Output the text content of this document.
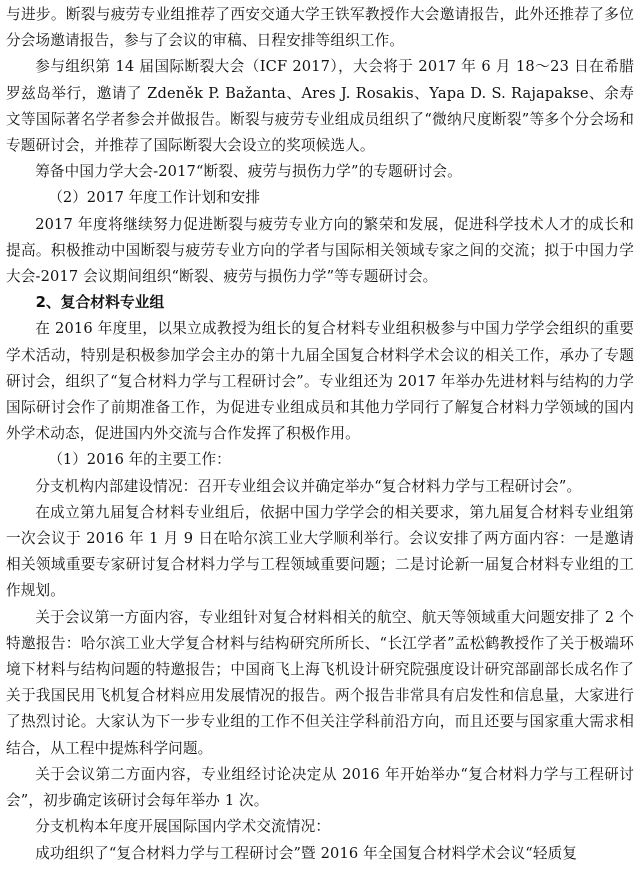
与进步。断裂与疲劳专业组推荐了西安交通大学王铁军教授作大会邀请报告，此外还推荐了多位分会场邀请报告，参与了会议的审稿、日程安排等组织工作。

参与组织第 14 届国际断裂大会（ICF 2017），大会将于 2017 年 6 月 18～23 日在希腊罗兹岛举行，邀请了 Zdeněk P. Bažanta、Ares J. Rosakis、Yapa D. S. Rajapakse、余寿文等国际著名学者参会并做报告。断裂与疲劳专业组成员组织了“微纳尺度断裂”等多个分会场和专题研讨会，并推荐了国际断裂大会设立的奖项候选人。

筹备中国力学大会-2017“断裂、疲劳与损伤力学”的专题研讨会。

（2）2017 年度工作计划和安排

2017 年度将继续努力促进断裂与疲劳专业方向的繁荣和发展，促进科学技术人才的成长和提高。积极推动中国断裂与疲劳专业方向的学者与国际相关领域专家之间的交流；拟于中国力学大会-2017 会议期间组织“断裂、疲劳与损伤力学”等专题研讨会。

2、复合材料专业组

在 2016 年度里，以果立成教授为组长的复合材料专业组积极参与中国力学学会组织的重要学术活动，特别是积极参加学会主办的第十九届全国复合材料学术会议的相关工作，承办了专题研讨会，组织了“复合材料力学与工程研讨会”。专业组还为 2017 年举办先进材料与结构的力学国际研讨会作了前期准备工作，为促进专业组成员和其他力学同行了解复合材料力学领域的国内外学术动态，促进国内外交流与合作发挥了积极作用。

（1）2016 年的主要工作：

分支机构内部建设情况：召开专业组会议并确定举办“复合材料力学与工程研讨会”。

在成立第九届复合材料专业组后，依据中国力学学会的相关要求，第九届复合材料专业组第一次会议于 2016 年 1 月 9 日在哈尔滨工业大学顺利举行。会议安排了两方面内容：一是邀请相关领域重要专家研讨复合材料力学与工程领域重要问题；二是讨论新一届复合材料专业组的工作规划。

关于会议第一方面内容，专业组针对复合材料相关的航空、航天等领域重大问题安排了 2 个特邀报告：哈尔滨工业大学复合材料与结构研究所所长、“长江学者”孟松鹤教授作了关于极端环境下材料与结构问题的特邀报告；中国商飞上海飞机设计研究院强度设计研究部副部长成名作了关于我国民用飞机复合材料应用发展情况的报告。两个报告非常具有启发性和信息量，大家进行了热烈讨论。大家认为下一步专业组的工作不但关注学科前沿方向，而且还要与国家重大需求相结合，从工程中提炼科学问题。

关于会议第二方面内容，专业组经讨论决定从 2016 年开始举办“复合材料力学与工程研讨会”，初步确定该研讨会每年举办 1 次。

分支机构本年度开展国际国内学术交流情况：

成功组织了“复合材料力学与工程研讨会”暨 2016 年全国复合材料学术会议“轻质复
